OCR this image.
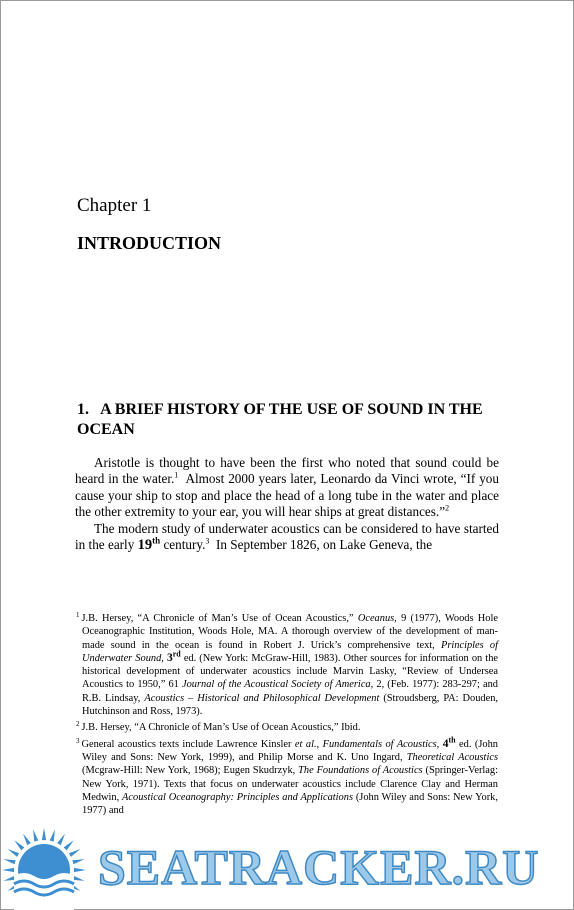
Chapter 1
INTRODUCTION
1. A BRIEF HISTORY OF THE USE OF SOUND IN THE OCEAN

Aristotle is thought to have been the first who noted that sound could be heard in the water.$^1$ Almost 2000 years later, Leonardo da Vinci wrote, “If you cause your ship to stop and place the head of a long tube in the water and place the other extremity to your ear, you will hear ships at great distances.”$^2$

The modern study of underwater acoustics can be considered to have started in the early 19th century.$^3$ In September 1826, on Lake Geneva, the

$^1$ J.B. Hersey, “A Chronicle of Man’s Use of Ocean Acoustics,” Oceanus, 9 (1977), Woods Hole Oceanographic Institution, Woods Hole, MA. A thorough overview of the development of man-made sound in the ocean is found in Robert J. Urick’s comprehensive text, Principles of Underwater Sound, 3rd ed. (New York: McGraw-Hill, 1983). Other sources for information on the historical development of underwater acoustics include Marvin Lasky, “Review of Undersea Acoustics to 1950,” 61 Journal of the Acoustical Society of America, 2, (Feb. 1977): 283-297; and R.B. Lindsay, Acoustics – Historical and Philosophical Development (Stroudsberg, PA: Douden, Hutchinson and Ross, 1973).

$^2$ J.B. Hersey, “A Chronicle of Man’s Use of Ocean Acoustics,” Ibid.

$^3$ General acoustics texts include Lawrence Kinsler et al., Fundamentals of Acoustics, 4th ed. (John Wiley and Sons: New York, 1999), and Philip Morse and K. Uno Ingard, Theoretical Acoustics (Mcgraw-Hill: New York, 1968); Eugen Skudrzyk, The Foundations of Acoustics (Springer-Verlag: New York, 1971). Texts that focus on underwater acoustics include Clarence Clay and Herman Medwin, Acoustical Oceanography: Principles and Applications (John Wiley and Sons: New York, 1977) and

SEATRACKER.RU
